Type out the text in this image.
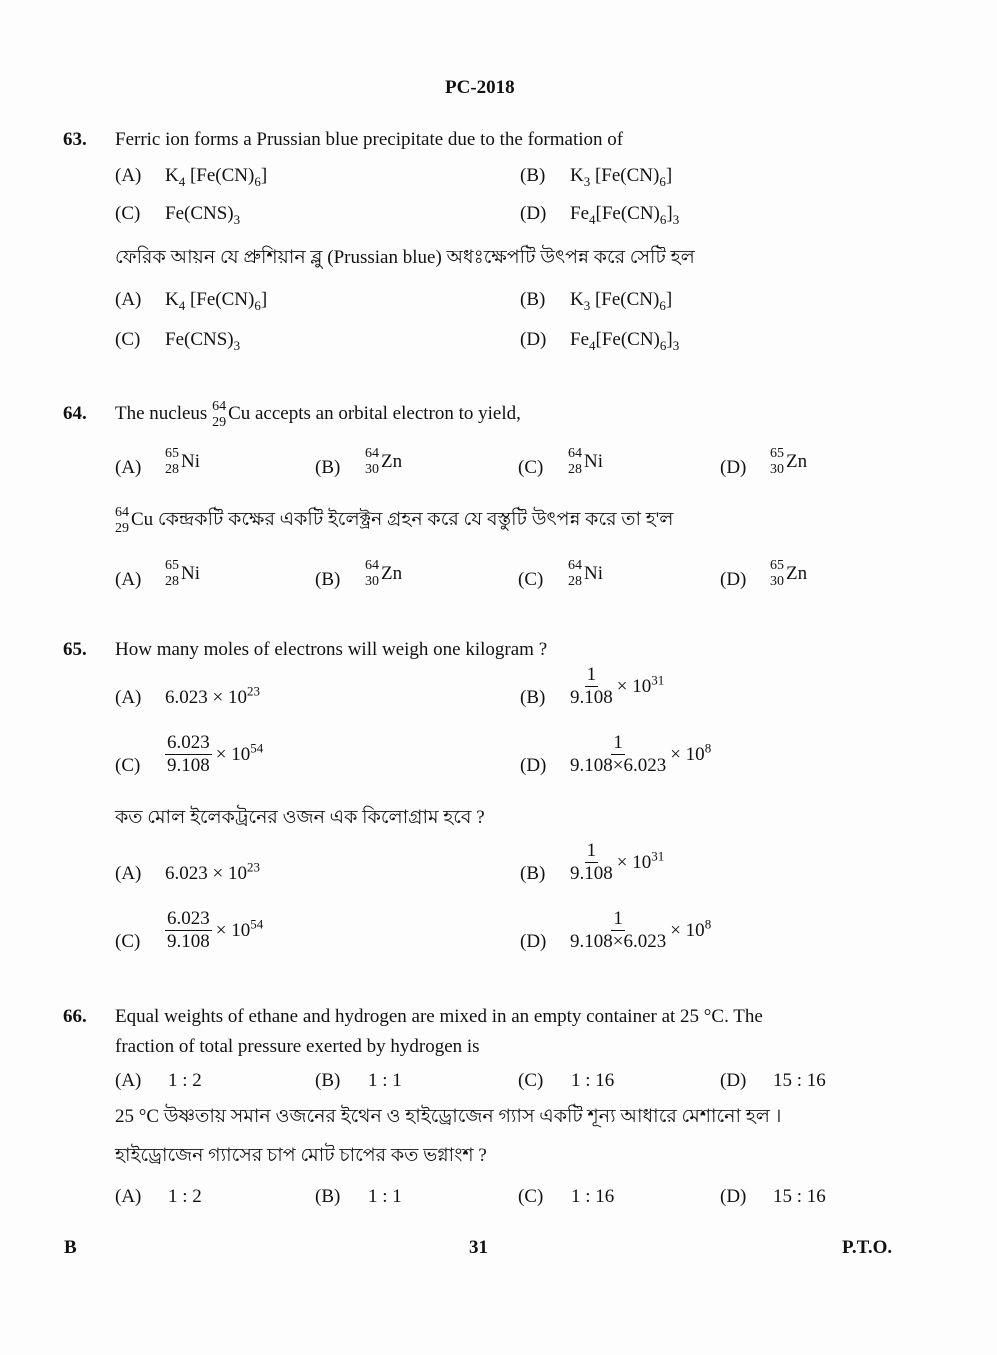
PC-2018
63. Ferric ion forms a Prussian blue precipitate due to the formation of
(A) $K_4$ $[Fe(CN)_6]$	(B) $K_3$ $[Fe(CN)_6]$
(C) $Fe(CNS)_3$	(D) $Fe_4[Fe(CN)_6]_3$
ফেরিক আয়ন যে প্রুশিয়ান ব্লু (Prussian blue) অধঃক্ষেপটি উৎপন্ন করে সেটি হল
(A) $K_4$ $[Fe(CN)_6]$	(B) $K_3$ $[Fe(CN)_6]$
(C) $Fe(CNS)_3$	(D) $Fe_4[Fe(CN)_6]_3$
64. The nucleus 64
29 Cu accepts an orbital electron to yield,
(A)
65
28 Ni	(B)
64
30 Zn	(C)
64
28 Ni	(D)
65
30 Zn
64
29 Cu কেন্দ্রকটি কক্ষের একটি ইলেক্ট্রন গ্রহন করে যে বস্তুটি উৎপন্ন করে তা হ'ল
(A)
65
28 Ni	(B)
64
30 Zn	(C)
64
28 Ni	(D)
65
30 Zn
65. How many moles of electrons will weigh one kilogram ?
(A) $6.023 \times 10^{23}$	$(B) \frac{1}{9.108} \times 10^{31}$
$(C) \frac{6.023}{9.108} \times 10^{54}$
$(D) \frac{1}{9.108\times 6.023} \times 10^8$
কত মোল ইলেকট্রনের ওজন এক কিলোগ্রাম হবে ?
(A) $6.023 \times 10^{23}$	$(B) \frac{1}{9.108} \times 10^{31}$
$(C) \frac{6.023}{9.108} \times 10^{54}$
$(D) \frac{1}{9.108\times 6.023} \times 10^8$
66. Equal weights of ethane and hydrogen are mixed in an empty container at 25 °C. The
fraction of total pressure exerted by hydrogen is
(A) 1 : 2	(B) 1 : 1	(C) 1 : 16	(D) 15 : 16
25 °C উষ্ণতায় সমান ওজনের ইথেন ও হাইড্রোজেন গ্যাস একটি শূন্য আধারে মেশানো হল ।
হাইড্রোজেন গ্যাসের চাপ মোট চাপের কত ভগ্নাংশ ?
(A) 1 : 2	(B) 1 : 1	(C) 1 : 16	(D) 15 : 16
B	31	P.T.O.
